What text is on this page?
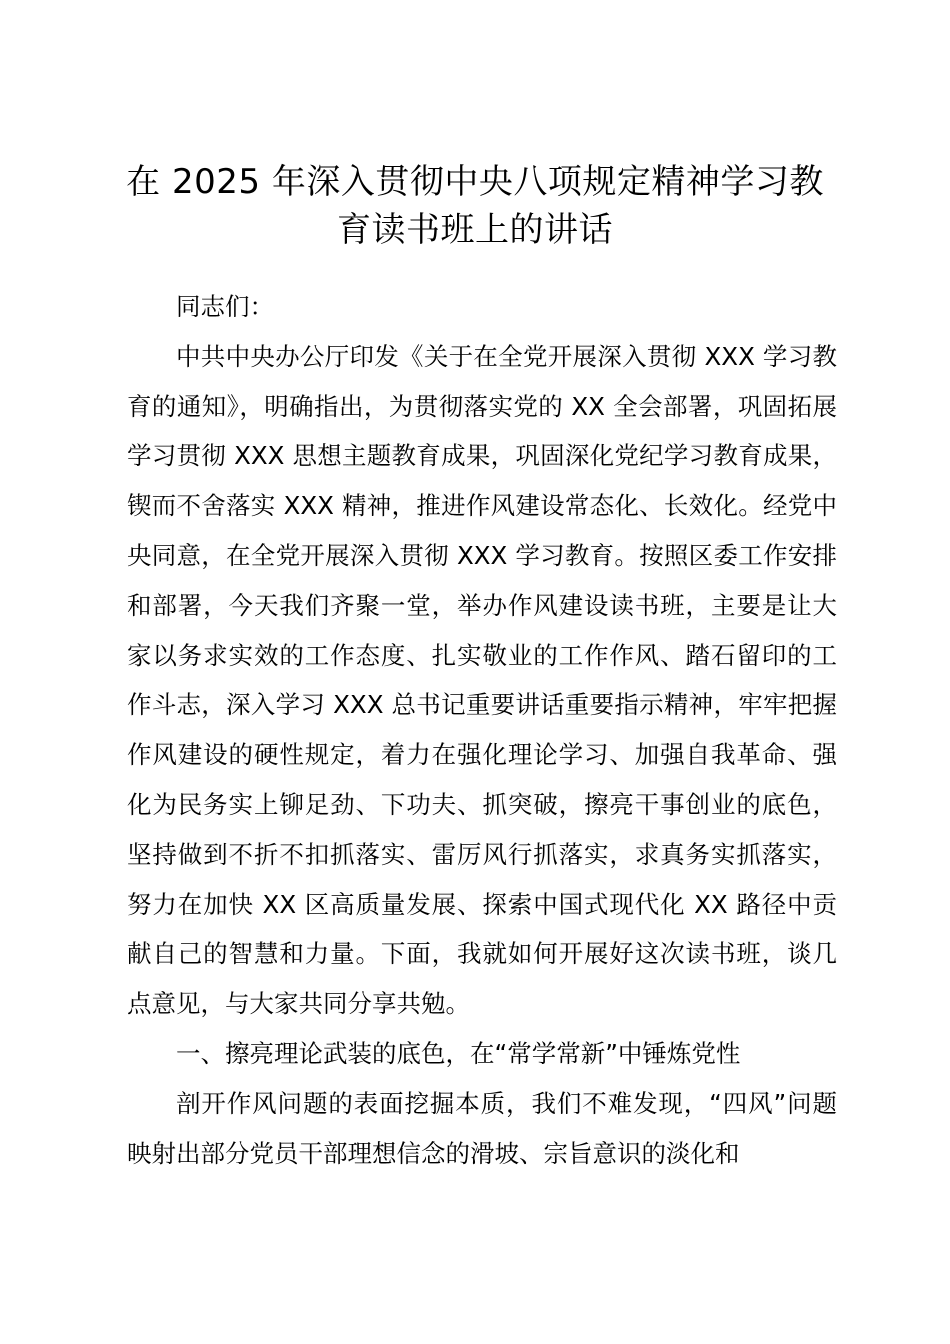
在 2025 年深入贯彻中央八项规定精神学习教
育读书班上的讲话

同志们：

中共中央办公厅印发《关于在全党开展深入贯彻 XXX 学习教育的通知》，明确指出，为贯彻落实党的 XX 全会部署，巩固拓展学习贯彻 XXX 思想主题教育成果，巩固深化党纪学习教育成果，锲而不舍落实 XXX 精神，推进作风建设常态化、长效化。经党中央同意，在全党开展深入贯彻 XXX 学习教育。按照区委工作安排和部署，今天我们齐聚一堂，举办作风建设读书班，主要是让大家以务求实效的工作态度、扎实敬业的工作作风、踏石留印的工作斗志，深入学习 XXX 总书记重要讲话重要指示精神，牢牢把握作风建设的硬性规定，着力在强化理论学习、加强自我革命、强化为民务实上铆足劲、下功夫、抓突破，擦亮干事创业的底色，坚持做到不折不扣抓落实、雷厉风行抓落实，求真务实抓落实，努力在加快 XX 区高质量发展、探索中国式现代化 XX 路径中贡献自己的智慧和力量。下面，我就如何开展好这次读书班，谈几点意见，与大家共同分享共勉。

一、擦亮理论武装的底色，在“常学常新”中锤炼党性

剖开作风问题的表面挖掘本质，我们不难发现，“四风”问题映射出部分党员干部理想信念的滑坡、宗旨意识的淡化和
